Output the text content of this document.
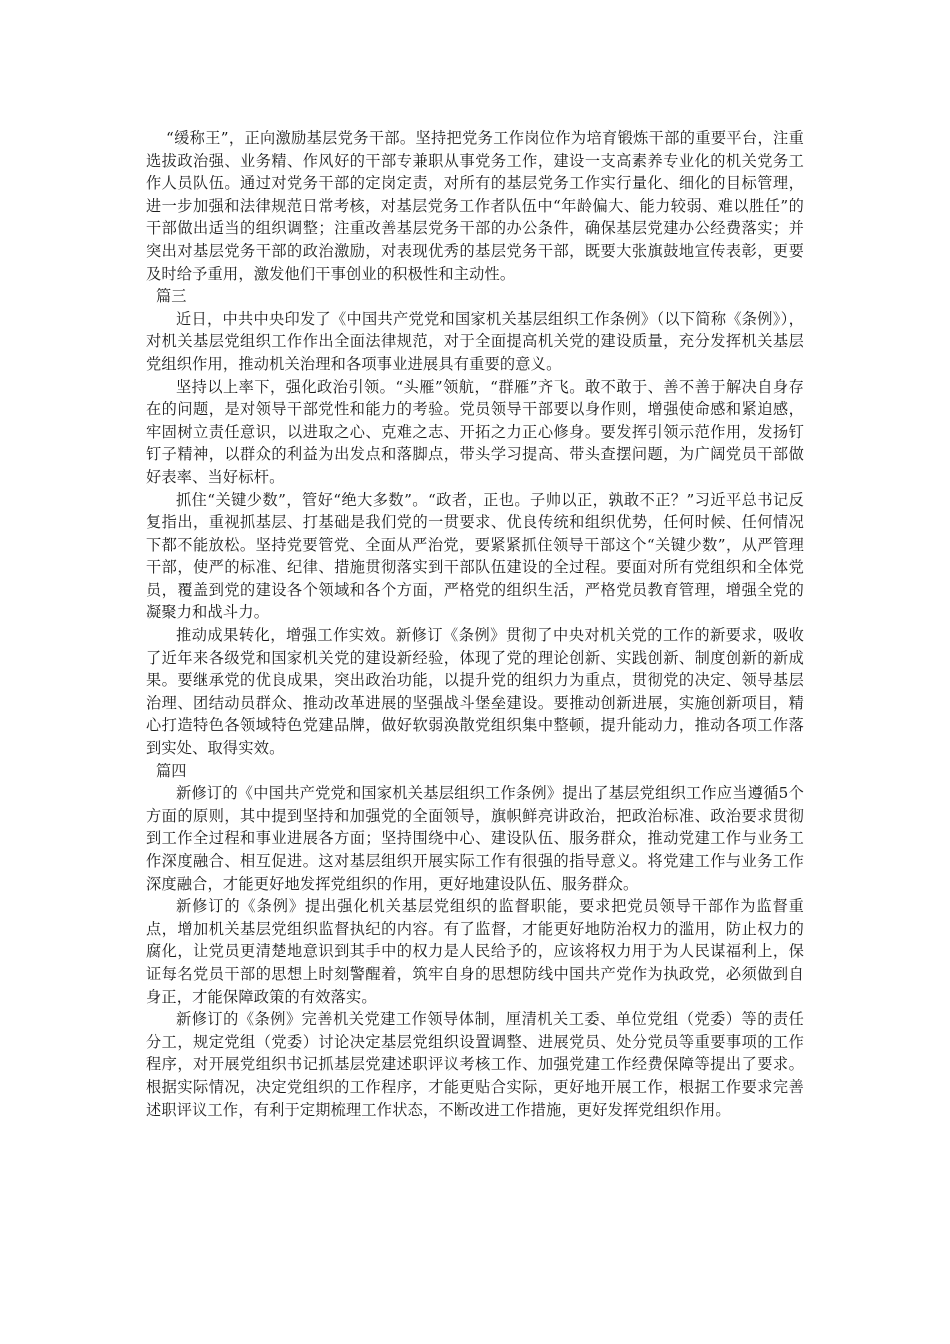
“缓称王”，正向激励基层党务干部。坚持把党务工作岗位作为培育锻炼干部的重要平台，注重选拔政治强、业务精、作风好的干部专兼职从事党务工作，建设一支高素养专业化的机关党务工作人员队伍。通过对党务干部的定岗定责，对所有的基层党务工作实行量化、细化的目标管理，进一步加强和法律规范日常考核，对基层党务工作者队伍中“年龄偏大、能力较弱、难以胜任”的干部做出适当的组织调整；注重改善基层党务干部的办公条件，确保基层党建办公经费落实；并突出对基层党务干部的政治激励，对表现优秀的基层党务干部，既要大张旗鼓地宣传表彰，更要及时给予重用，激发他们干事创业的积极性和主动性。

篇三

近日，中共中央印发了《中国共产党党和国家机关基层组织工作条例》（以下简称《条例》），对机关基层党组织工作作出全面法律规范，对于全面提高机关党的建设质量，充分发挥机关基层党组织作用，推动机关治理和各项事业进展具有重要的意义。

坚持以上率下，强化政治引领。“头雁”领航，“群雁”齐飞。敢不敢于、善不善于解决自身存在的问题，是对领导干部党性和能力的考验。党员领导干部要以身作则，增强使命感和紧迫感，牢固树立责任意识，以进取之心、克难之志、开拓之力正心修身。要发挥引领示范作用，发扬钉钉子精神，以群众的利益为出发点和落脚点，带头学习提高、带头查摆问题，为广阔党员干部做好表率、当好标杆。

抓住“关键少数”，管好“绝大多数”。“政者，正也。子帅以正，孰敢不正？”习近平总书记反复指出，重视抓基层、打基础是我们党的一贯要求、优良传统和组织优势，任何时候、任何情况下都不能放松。坚持党要管党、全面从严治党，要紧紧抓住领导干部这个“关键少数”，从严管理干部，使严的标准、纪律、措施贯彻落实到干部队伍建设的全过程。要面对所有党组织和全体党员，覆盖到党的建设各个领域和各个方面，严格党的组织生活，严格党员教育管理，增强全党的凝聚力和战斗力。

推动成果转化，增强工作实效。新修订《条例》贯彻了中央对机关党的工作的新要求，吸收了近年来各级党和国家机关党的建设新经验，体现了党的理论创新、实践创新、制度创新的新成果。要继承党的优良成果，突出政治功能，以提升党的组织力为重点，贯彻党的决定、领导基层治理、团结动员群众、推动改革进展的坚强战斗堡垒建设。要推动创新进展，实施创新项目，精心打造特色各领域特色党建品牌，做好软弱涣散党组织集中整顿，提升能动力，推动各项工作落到实处、取得实效。

篇四

新修订的《中国共产党党和国家机关基层组织工作条例》提出了基层党组织工作应当遵循5个方面的原则，其中提到坚持和加强党的全面领导，旗帜鲜亮讲政治，把政治标准、政治要求贯彻到工作全过程和事业进展各方面；坚持围绕中心、建设队伍、服务群众，推动党建工作与业务工作深度融合、相互促进。这对基层组织开展实际工作有很强的指导意义。将党建工作与业务工作深度融合，才能更好地发挥党组织的作用，更好地建设队伍、服务群众。

新修订的《条例》提出强化机关基层党组织的监督职能，要求把党员领导干部作为监督重点，增加机关基层党组织监督执纪的内容。有了监督，才能更好地防治权力的滥用，防止权力的腐化，让党员更清楚地意识到其手中的权力是人民给予的，应该将权力用于为人民谋福利上，保证每名党员干部的思想上时刻警醒着，筑牢自身的思想防线中国共产党作为执政党，必须做到自身正，才能保障政策的有效落实。

新修订的《条例》完善机关党建工作领导体制，厘清机关工委、单位党组（党委）等的责任分工，规定党组（党委）讨论决定基层党组织设置调整、进展党员、处分党员等重要事项的工作程序，对开展党组织书记抓基层党建述职评议考核工作、加强党建工作经费保障等提出了要求。根据实际情况，决定党组织的工作程序，才能更贴合实际，更好地开展工作，根据工作要求完善述职评议工作，有利于定期梳理工作状态，不断改进工作措施，更好发挥党组织作用。
